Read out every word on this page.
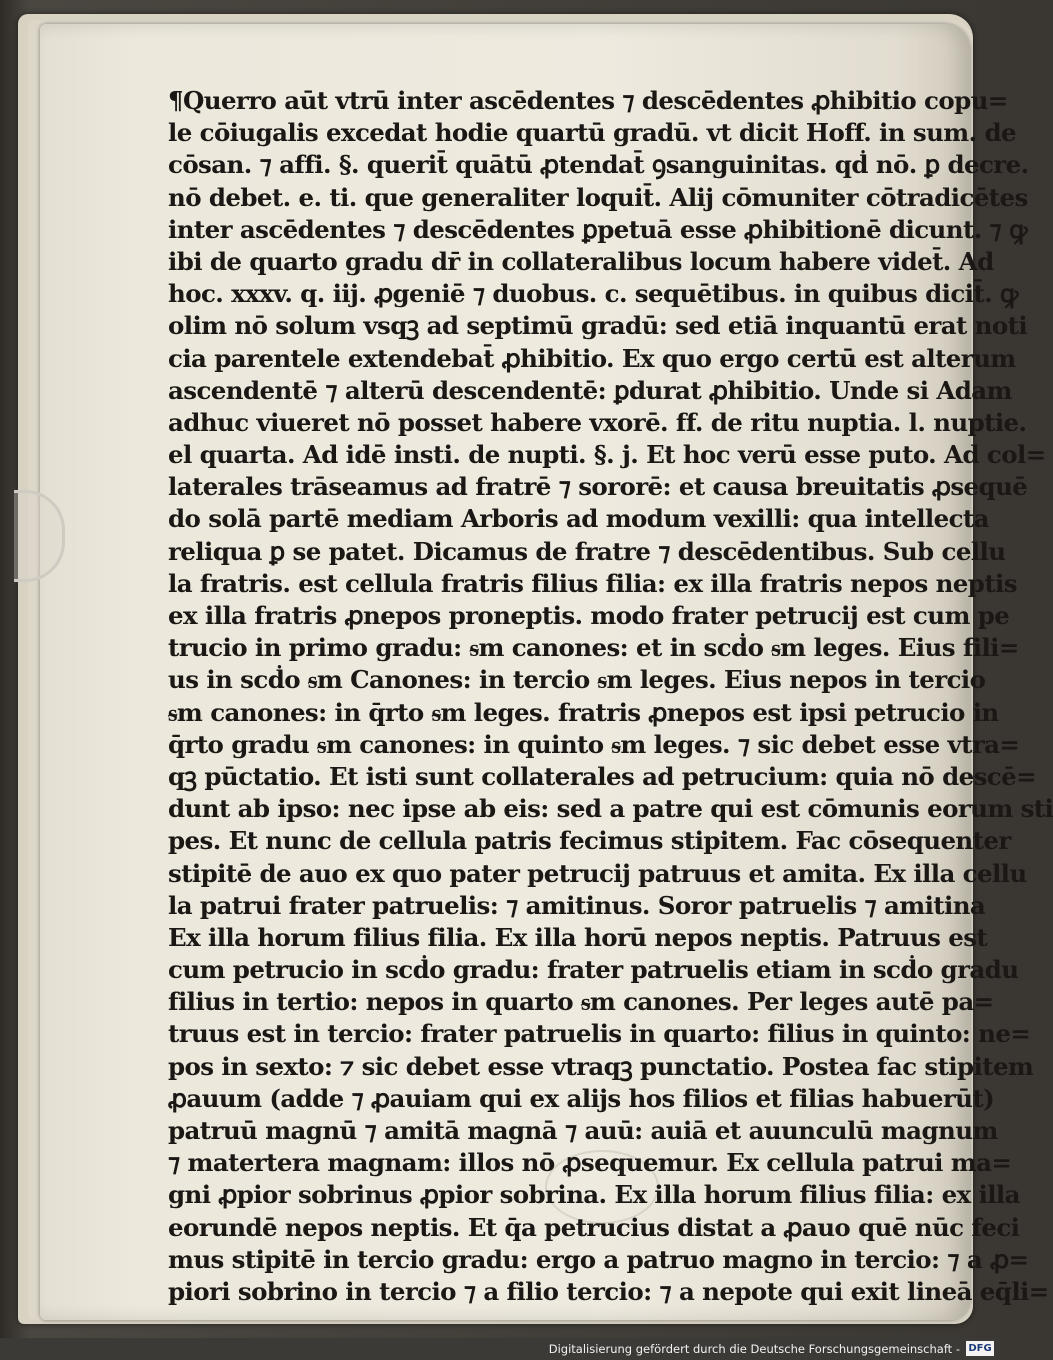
¶Querro aūt vtrū inter ascēdentes ⁊ descēdentes ꝓhibitio copu=
le cōiugalis excedat hodie quartū gradū. vt dicit Hoff. in sum. de
cōsan. ⁊ affi. §. querit̄ quātū ꝓtendat̄ ꝯsanguinitas. qḋ nō. ꝑ decre.
nō debet. e. ti. que generaliter loquit̄. Alij cōmuniter cōtradicētes
inter ascēdentes ⁊ descēdentes ꝑpetuā esse ꝓhibitionē dicunt. ⁊ ꝙ
ibi de quarto gradu dr̄ in collateralibus locum habere videt̄. Ad
hoc. xxxv. q. iij. ꝓgeniē ⁊ duobus. c. sequētibus. in quibus dicit̄. ꝙ
olim nō solum vsqꝫ ad septimū gradū: sed etiā inquantū erat noti
cia parentele extendebat̄ ꝓhibitio. Ex quo ergo certū est alterum
ascendentē ⁊ alterū descendentē: ꝑdurat ꝓhibitio. Unde si Adam
adhuc viueret nō posset habere vxorē. ff. de ritu nuptia. l. nuptie.
el quarta. Ad idē insti. de nupti. §. j. Et hoc verū esse puto. Ad col=
laterales trāseamus ad fratrē ⁊ sororē: et causa breuitatis ꝓsequē
do solā partē mediam Arboris ad modum vexilli: qua intellecta
reliqua ꝑ se patet. Dicamus de fratre ⁊ descēdentibus. Sub cellu
la fratris. est cellula fratris filius filia: ex illa fratris nepos neptis
ex illa fratris ꝓnepos proneptis. modo frater petrucij est cum pe
trucio in primo gradu: ᵴm canones: et in scḋo ᵴm leges. Eius fili=
us in scḋo ᵴm Canones: in tercio ᵴm leges. Eius nepos in tercio
ᵴm canones: in q̄rto ᵴm leges. fratris ꝓnepos est ipsi petrucio in
q̄rto gradu ᵴm canones: in quinto ᵴm leges. ⁊ sic debet esse vtra=
qꝫ pūctatio. Et isti sunt collaterales ad petrucium: quia nō descē=
dunt ab ipso: nec ipse ab eis: sed a patre qui est cōmunis eorum sti
pes. Et nunc de cellula patris fecimus stipitem. Fac cōsequenter
stipitē de auo ex quo pater petrucij patruus et amita. Ex illa cellu
la patrui frater patruelis: ⁊ amitinus. Soror patruelis ⁊ amitina
Ex illa horum filius filia. Ex illa horū nepos neptis. Patruus est
cum petrucio in scḋo gradu: frater patruelis etiam in scḋo gradu
filius in tertio: nepos in quarto ᵴm canones. Per leges autē pa=
truus est in tercio: frater patruelis in quarto: filius in quinto: ne=
pos in sexto: ⁊ sic debet esse vtraqꝫ punctatio. Postea fac stipitem
ꝓauum (adde ⁊ ꝓauiam qui ex alijs hos filios et filias habuerūt)
patruū magnū ⁊ amitā magnā ⁊ auū: auiā et auunculū magnum
⁊ matertera magnam: illos nō ꝓsequemur. Ex cellula patrui ma=
gni ꝓpior sobrinus ꝓpior sobrina. Ex illa horum filius filia: ex illa
eorundē nepos neptis. Et q̄a petrucius distat a ꝓauo quē nūc feci
mus stipitē in tercio gradu: ergo a patruo magno in tercio: ⁊ a ꝓ=
piori sobrino in tercio ⁊ a filio tercio: ⁊ a nepote qui exit lineā eq̄li=
Digitalisierung gefördert durch die Deutsche Forschungsgemeinschaft - DFG
